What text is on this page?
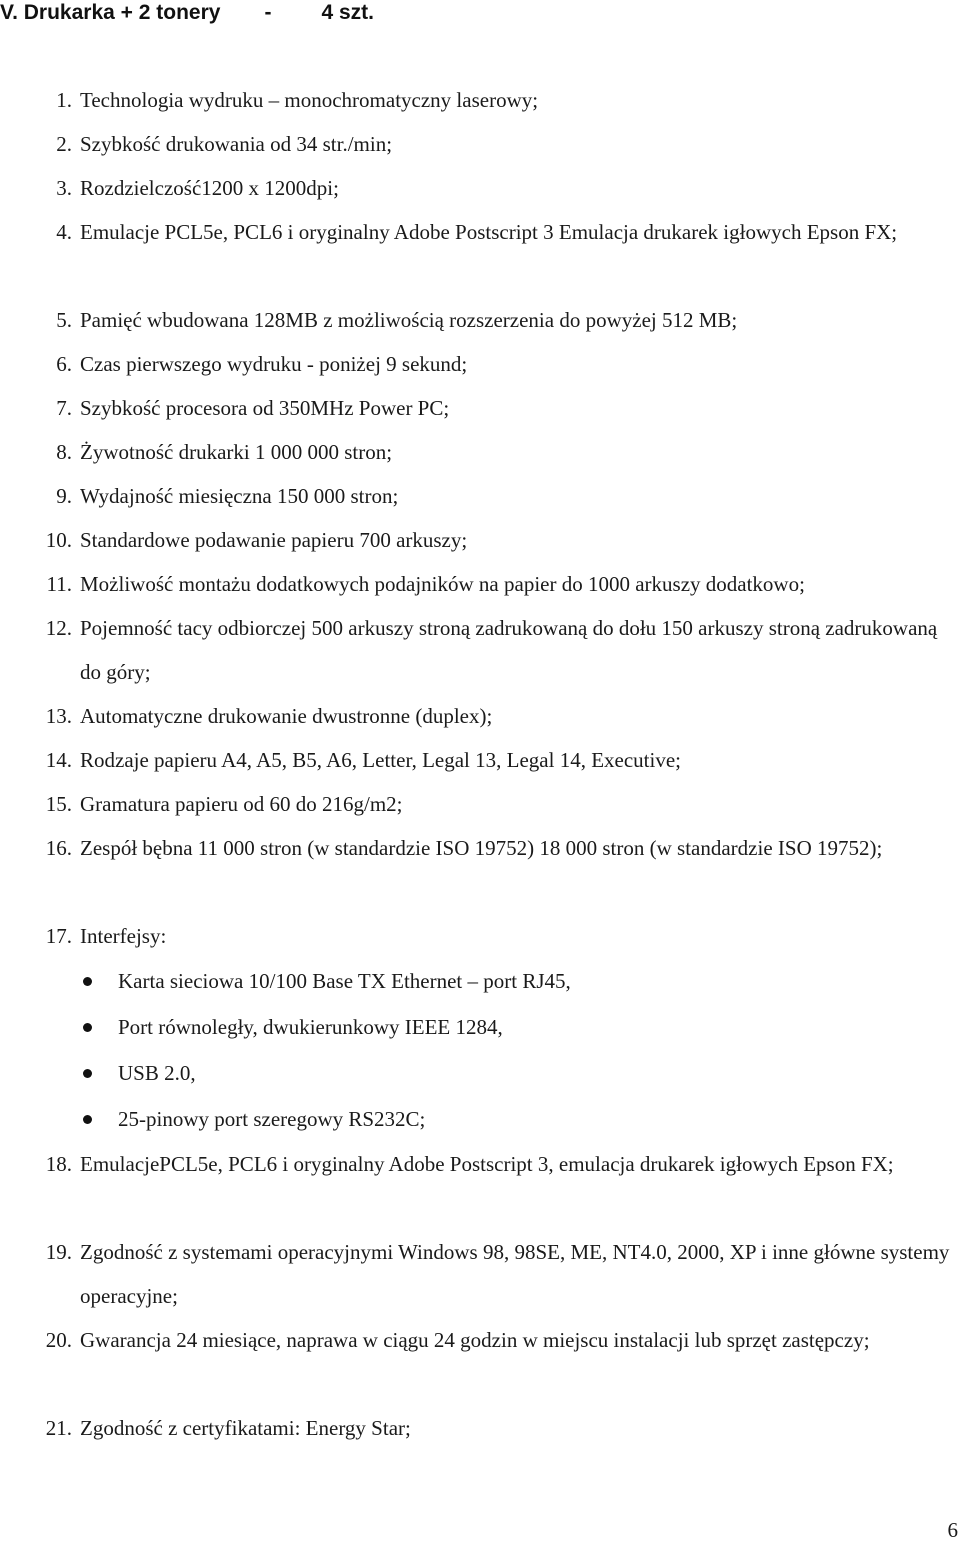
V. Drukarka + 2 tonery - 4 szt.
1. Technologia wydruku – monochromatyczny laserowy;
2. Szybkość drukowania od 34 str./min;
3. Rozdzielczość1200 x 1200dpi;
4. Emulacje PCL5e, PCL6 i oryginalny Adobe Postscript 3 Emulacja drukarek igłowych Epson FX;
5. Pamięć wbudowana 128MB z możliwością rozszerzenia do powyżej 512 MB;
6. Czas pierwszego wydruku - poniżej 9 sekund;
7. Szybkość procesora od 350MHz Power PC;
8. Żywotność drukarki 1 000 000 stron;
9. Wydajność miesięczna 150 000 stron;
10. Standardowe podawanie papieru 700 arkuszy;
11. Możliwość montażu dodatkowych podajników na papier do 1000 arkuszy dodatkowo;
12. Pojemność tacy odbiorczej 500 arkuszy stroną zadrukowaną do dołu 150 arkuszy stroną zadrukowaną do góry;
13. Automatyczne drukowanie dwustronne (duplex);
14. Rodzaje papieru A4, A5, B5, A6, Letter, Legal 13, Legal 14, Executive;
15. Gramatura papieru od 60 do 216g/m2;
16. Zespół bębna 11 000 stron (w standardzie ISO 19752) 18 000 stron (w standardzie ISO 19752);
17. Interfejsy:
Karta sieciowa 10/100 Base TX Ethernet – port RJ45,
Port równoległy, dwukierunkowy IEEE 1284,
USB 2.0,
25-pinowy port szeregowy RS232C;
18. EmulacjePCL5e, PCL6 i oryginalny Adobe Postscript 3, emulacja drukarek igłowych Epson FX;
19. Zgodność z systemami operacyjnymi Windows 98, 98SE, ME, NT4.0, 2000, XP i inne główne systemy operacyjne;
20. Gwarancja 24 miesiące, naprawa w ciągu 24 godzin w miejscu instalacji lub sprzęt zastępczy;
21. Zgodność z certyfikatami: Energy Star;
6
